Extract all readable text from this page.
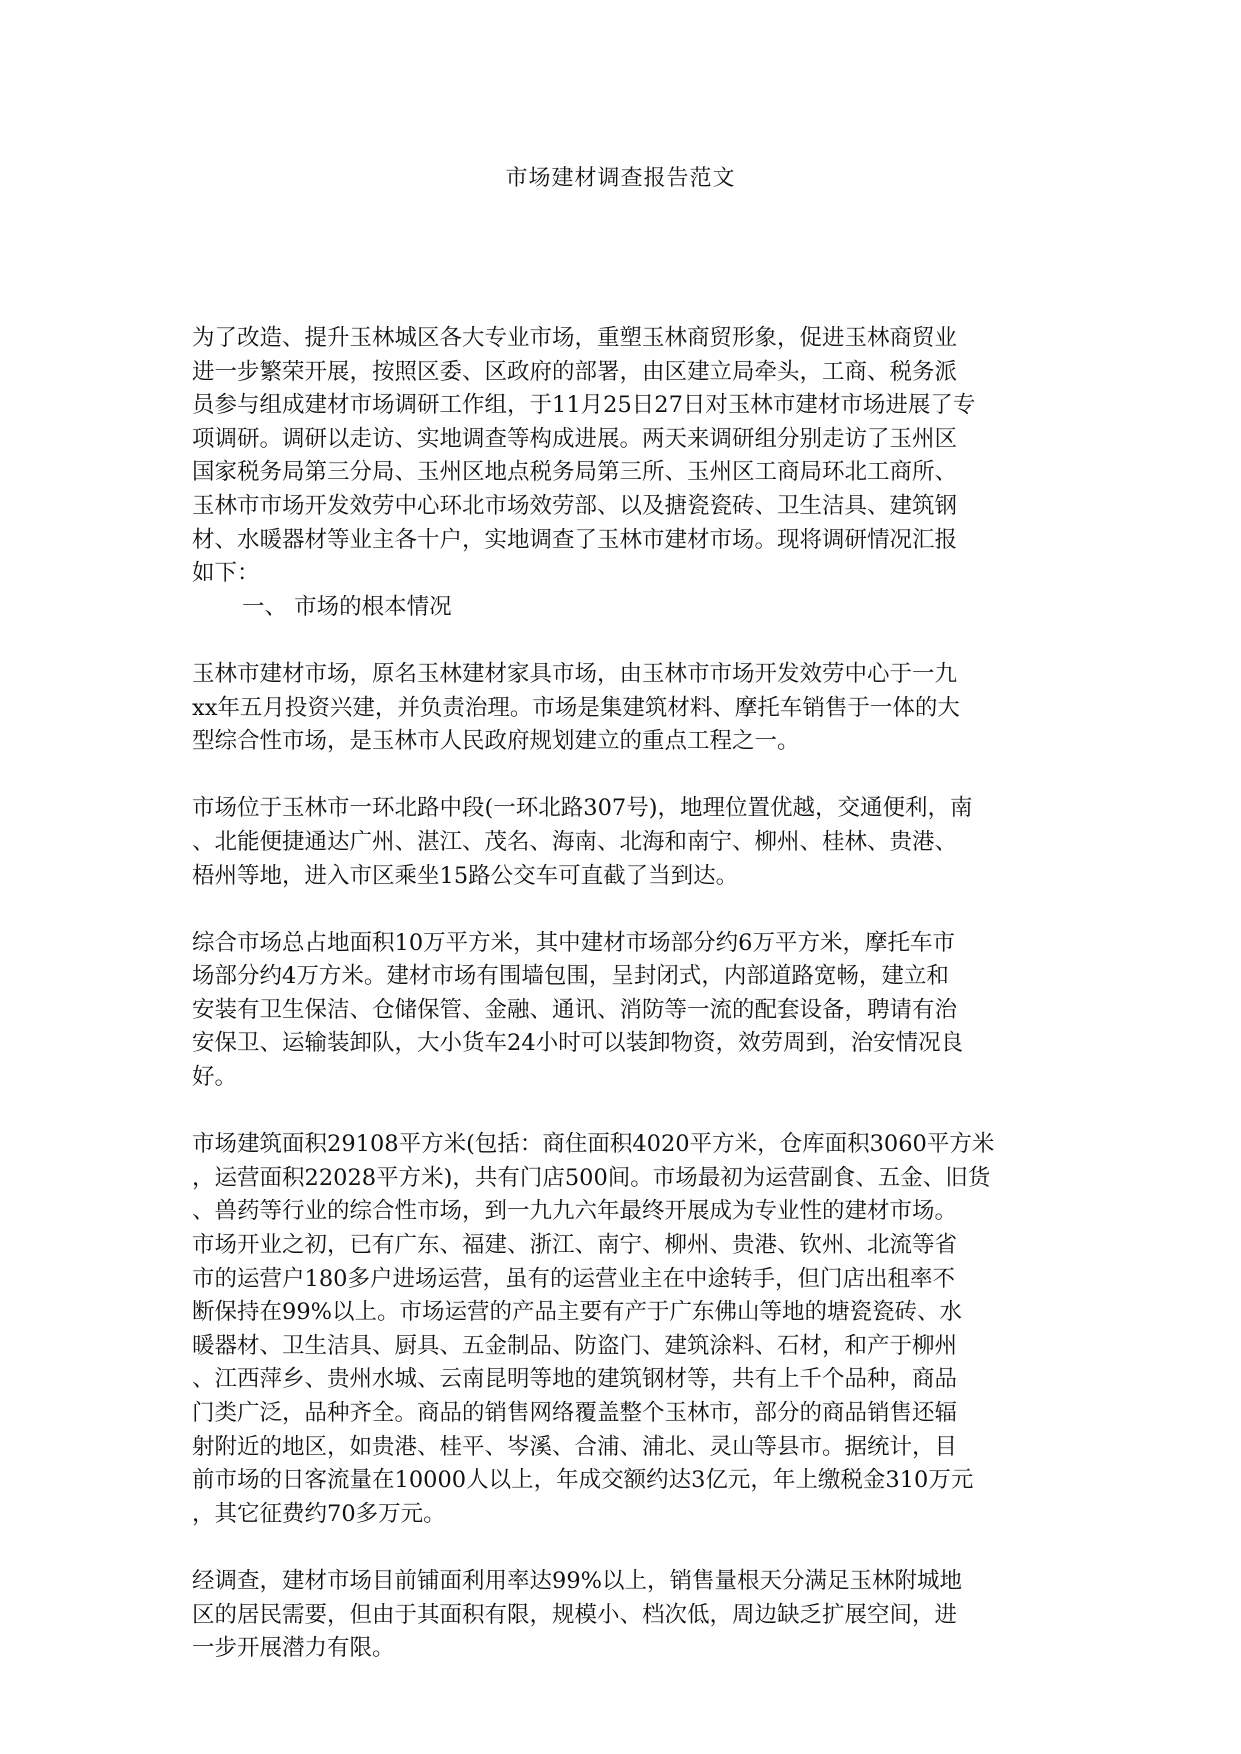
市场建材调查报告范文
为了改造、提升玉林城区各大专业市场，重塑玉林商贸形象，促进玉林商贸业
进一步繁荣开展，按照区委、区政府的部署，由区建立局牵头，工商、税务派
员参与组成建材市场调研工作组，于11月25日27日对玉林市建材市场进展了专
项调研。调研以走访、实地调查等构成进展。两天来调研组分别走访了玉州区
国家税务局第三分局、玉州区地点税务局第三所、玉州区工商局环北工商所、
玉林市市场开发效劳中心环北市场效劳部、以及搪瓷瓷砖、卫生洁具、建筑钢
材、水暖器材等业主各十户，实地调查了玉林市建材市场。现将调研情况汇报
如下：
一、 市场的根本情况
玉林市建材市场，原名玉林建材家具市场，由玉林市市场开发效劳中心于一九
xx年五月投资兴建，并负责治理。市场是集建筑材料、摩托车销售于一体的大
型综合性市场，是玉林市人民政府规划建立的重点工程之一。
市场位于玉林市一环北路中段(一环北路307号)，地理位置优越，交通便利，南
、北能便捷通达广州、湛江、茂名、海南、北海和南宁、柳州、桂林、贵港、
梧州等地，进入市区乘坐15路公交车可直截了当到达。
综合市场总占地面积10万平方米，其中建材市场部分约6万平方米，摩托车市
场部分约4万方米。建材市场有围墙包围，呈封闭式，内部道路宽畅，建立和
安装有卫生保洁、仓储保管、金融、通讯、消防等一流的配套设备，聘请有治
安保卫、运输装卸队，大小货车24小时可以装卸物资，效劳周到，治安情况良
好。
市场建筑面积29108平方米(包括：商住面积4020平方米，仓库面积3060平方米
，运营面积22028平方米)，共有门店500间。市场最初为运营副食、五金、旧货
、兽药等行业的综合性市场，到一九九六年最终开展成为专业性的建材市场。
市场开业之初，已有广东、福建、浙江、南宁、柳州、贵港、钦州、北流等省
市的运营户180多户进场运营，虽有的运营业主在中途转手，但门店出租率不
断保持在99%以上。市场运营的产品主要有产于广东佛山等地的塘瓷瓷砖、水
暖器材、卫生洁具、厨具、五金制品、防盗门、建筑涂料、石材，和产于柳州
、江西萍乡、贵州水城、云南昆明等地的建筑钢材等，共有上千个品种，商品
门类广泛，品种齐全。商品的销售网络覆盖整个玉林市，部分的商品销售还辐
射附近的地区，如贵港、桂平、岑溪、合浦、浦北、灵山等县市。据统计，目
前市场的日客流量在10000人以上，年成交额约达3亿元，年上缴税金310万元
，其它征费约70多万元。
经调查，建材市场目前铺面利用率达99%以上，销售量根天分满足玉林附城地
区的居民需要，但由于其面积有限，规模小、档次低，周边缺乏扩展空间，进
一步开展潜力有限。
